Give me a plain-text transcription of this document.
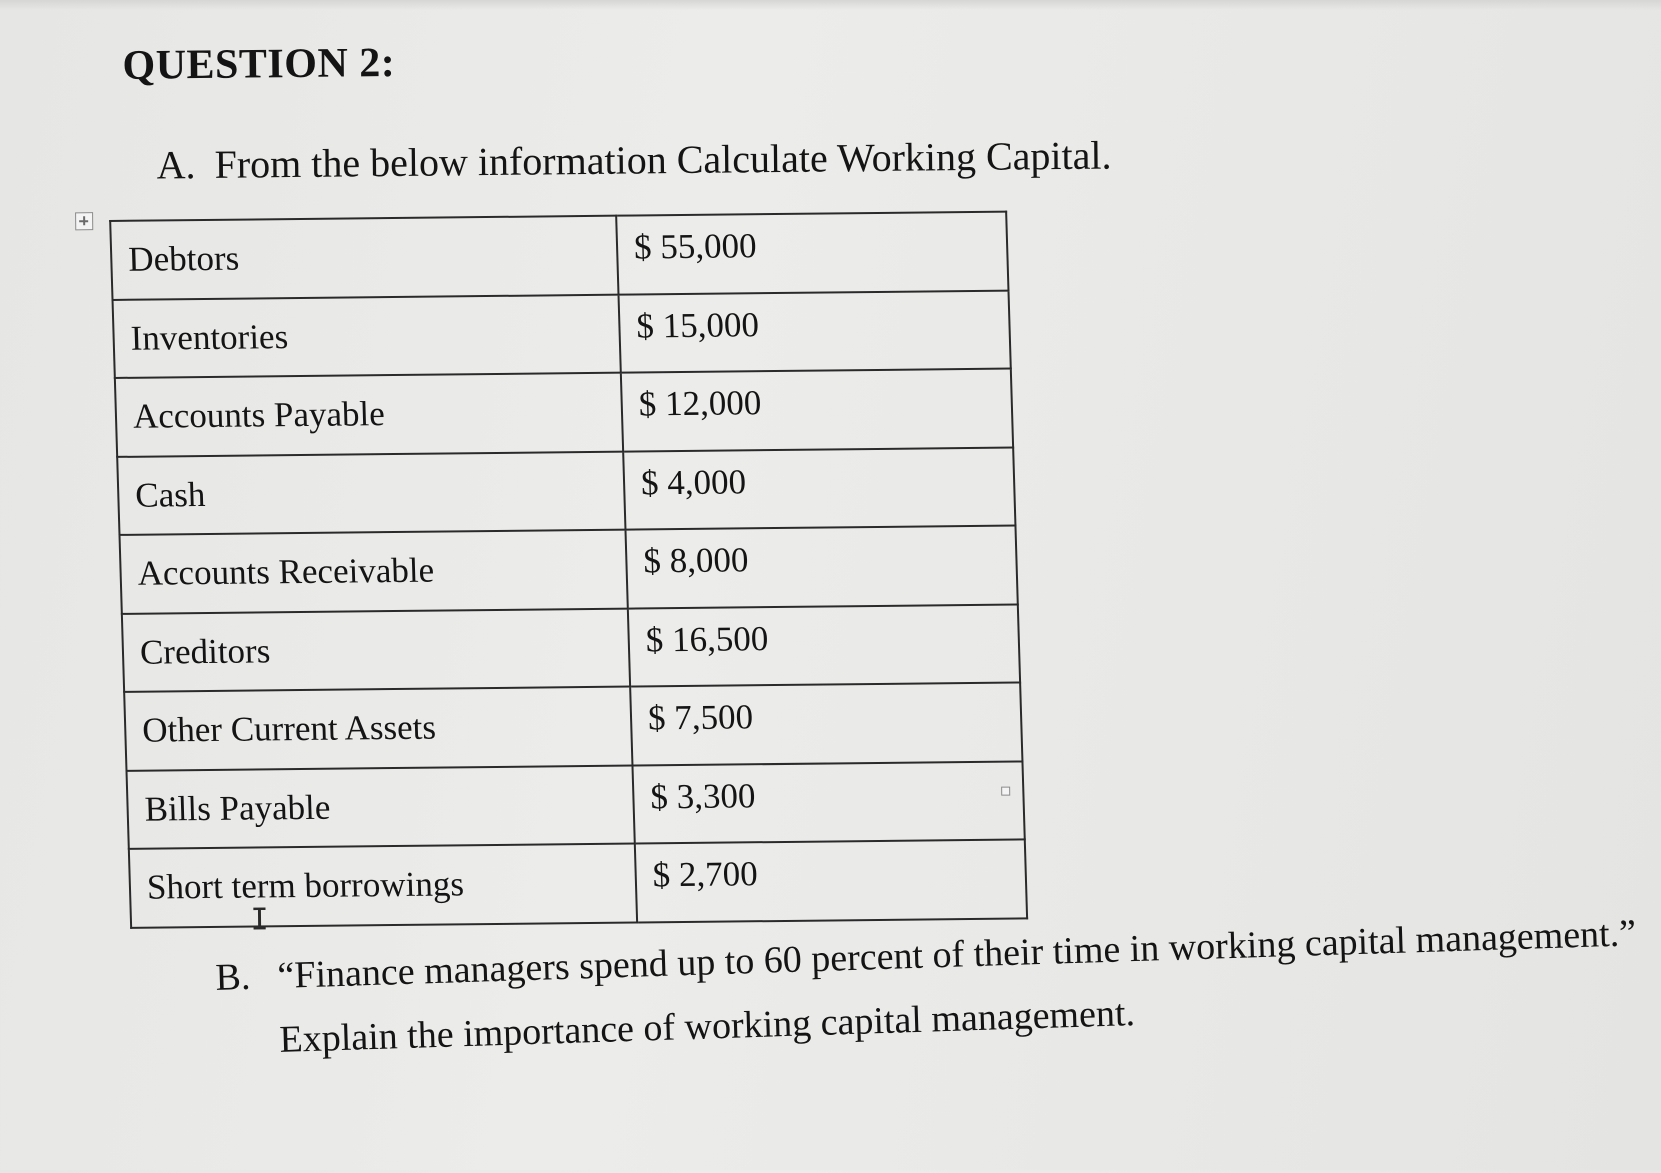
QUESTION 2:
A. From the below information Calculate Working Capital.
Debtors	$ 55,000
Inventories	$ 15,000
Accounts Payable	$ 12,000
Cash	$ 4,000
Accounts Receivable	$ 8,000
Creditors	$ 16,500
Other Current Assets	$ 7,500
Bills Payable	$ 3,300
Short term borrowings	$ 2,700
I
B. “Finance managers spend up to 60 percent of their time in working capital management.”
Explain the importance of working capital management.
